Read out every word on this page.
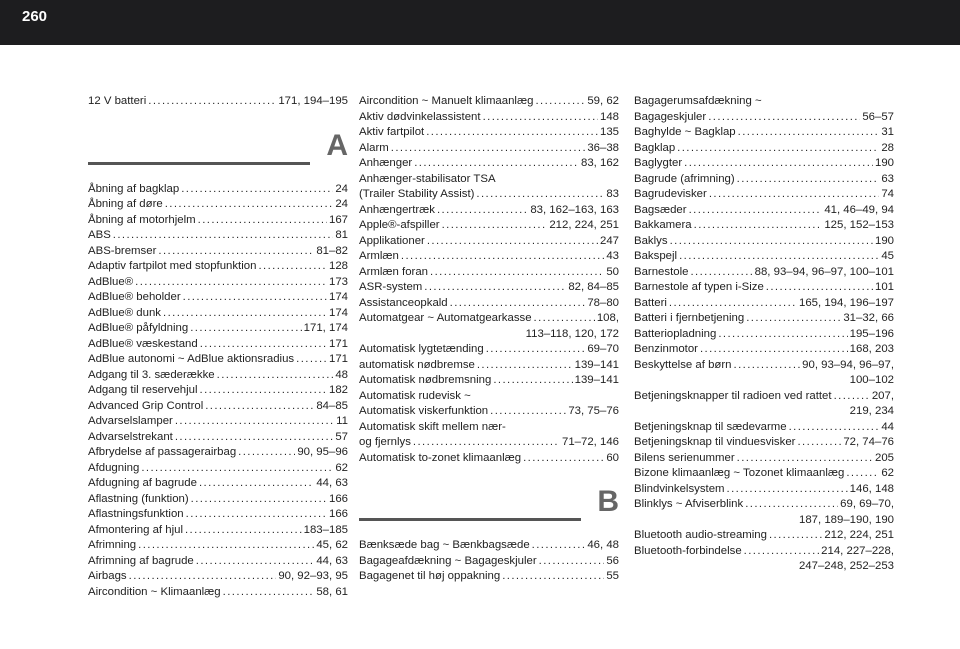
260
12 V batteri .....	171, 194–195
A
Åbning af bagklap .....	24
Åbning af døre .....	24
Åbning af motorhjelm .....	167
ABS .....	81
ABS-bremser .....	81–82
Adaptiv fartpilot med stopfunktion .....	128
AdBlue® .....	173
AdBlue® beholder .....	174
AdBlue® dunk .....	174
AdBlue® påfyldning .....	171, 174
AdBlue® væskestand .....	171
AdBlue autonomi ~ AdBlue aktionsradius .....	171
Adgang til 3. sæderække .....	48
Adgang til reservehjul .....	182
Advanced Grip Control .....	84–85
Advarselslamper .....	11
Advarselstrekant .....	57
Afbrydelse af passagerairbag .....	90, 95–96
Afdugning .....	62
Afdugning af bagrude .....	44, 63
Aflastning (funktion) .....	166
Aflastningsfunktion .....	166
Afmontering af hjul .....	183–185
Afrimning .....	45, 62
Afrimning af bagrude .....	44, 63
Airbags .....	90, 92–93, 95
Aircondition ~ Klimaanlæg .....	58, 61
Aircondition ~ Manuelt klimaanlæg .....	59, 62
Aktiv dødvinkelassistent .....	148
Aktiv fartpilot .....	135
Alarm .....	36–38
Anhænger .....	83, 162
Anhænger-stabilisator TSA
(Trailer Stability Assist) .....	83
Anhængertræk .....	83, 162–163, 163
Apple®-afspiller .....	212, 224, 251
Applikationer .....	247
Armlæn .....	43
Armlæn foran .....	50
ASR-system .....	82, 84–85
Assistanceopkald .....	78–80
Automatgear ~ Automatgearkasse .....	108,
113–118, 120, 172
Automatisk lygtetænding .....	69–70
automatisk nødbremse .....	139–141
Automatisk nødbremsning .....	139–141
Automatisk rudevisk ~
Automatisk viskerfunktion .....	73, 75–76
Automatisk skift mellem nær-
og fjernlys .....	71–72, 146
Automatisk to-zonet klimaanlæg .....	60
B
Bænksæde bag ~ Bænkbagsæde .....	46, 48
Bagageafdækning ~ Bagageskjuler .....	56
Bagagenet til høj oppakning .....	55
Bagagerumsafdækning ~
Bagageskjuler .....	56–57
Baghylde ~ Bagklap .....	31
Bagklap .....	28
Baglygter .....	190
Bagrude (afrimning) .....	63
Bagrudevisker .....	74
Bagsæder .....	41, 46–49, 94
Bakkamera .....	125, 152–153
Baklys .....	190
Bakspejl .....	45
Barnestole .....	88, 93–94, 96–97, 100–101
Barnestole af typen i-Size .....	101
Batteri .....	165, 194, 196–197
Batteri i fjernbetjening .....	31–32, 66
Batteriopladning .....	195–196
Benzinmotor .....	168, 203
Beskyttelse af børn .....	90, 93–94, 96–97,
100–102
Betjeningsknapper til radioen ved rattet .....	207,
219, 234
Betjeningsknap til sædevarme .....	44
Betjeningsknap til vinduesvisker .....	72, 74–76
Bilens serienummer .....	205
Bizone klimaanlæg ~ Tozonet klimaanlæg .....	62
Blindvinkelsystem .....	146, 148
Blinklys ~ Afviserblink .....	69, 69–70,
187, 189–190, 190
Bluetooth audio-streaming .....	212, 224, 251
Bluetooth-forbindelse .....	214, 227–228,
247–248, 252–253
